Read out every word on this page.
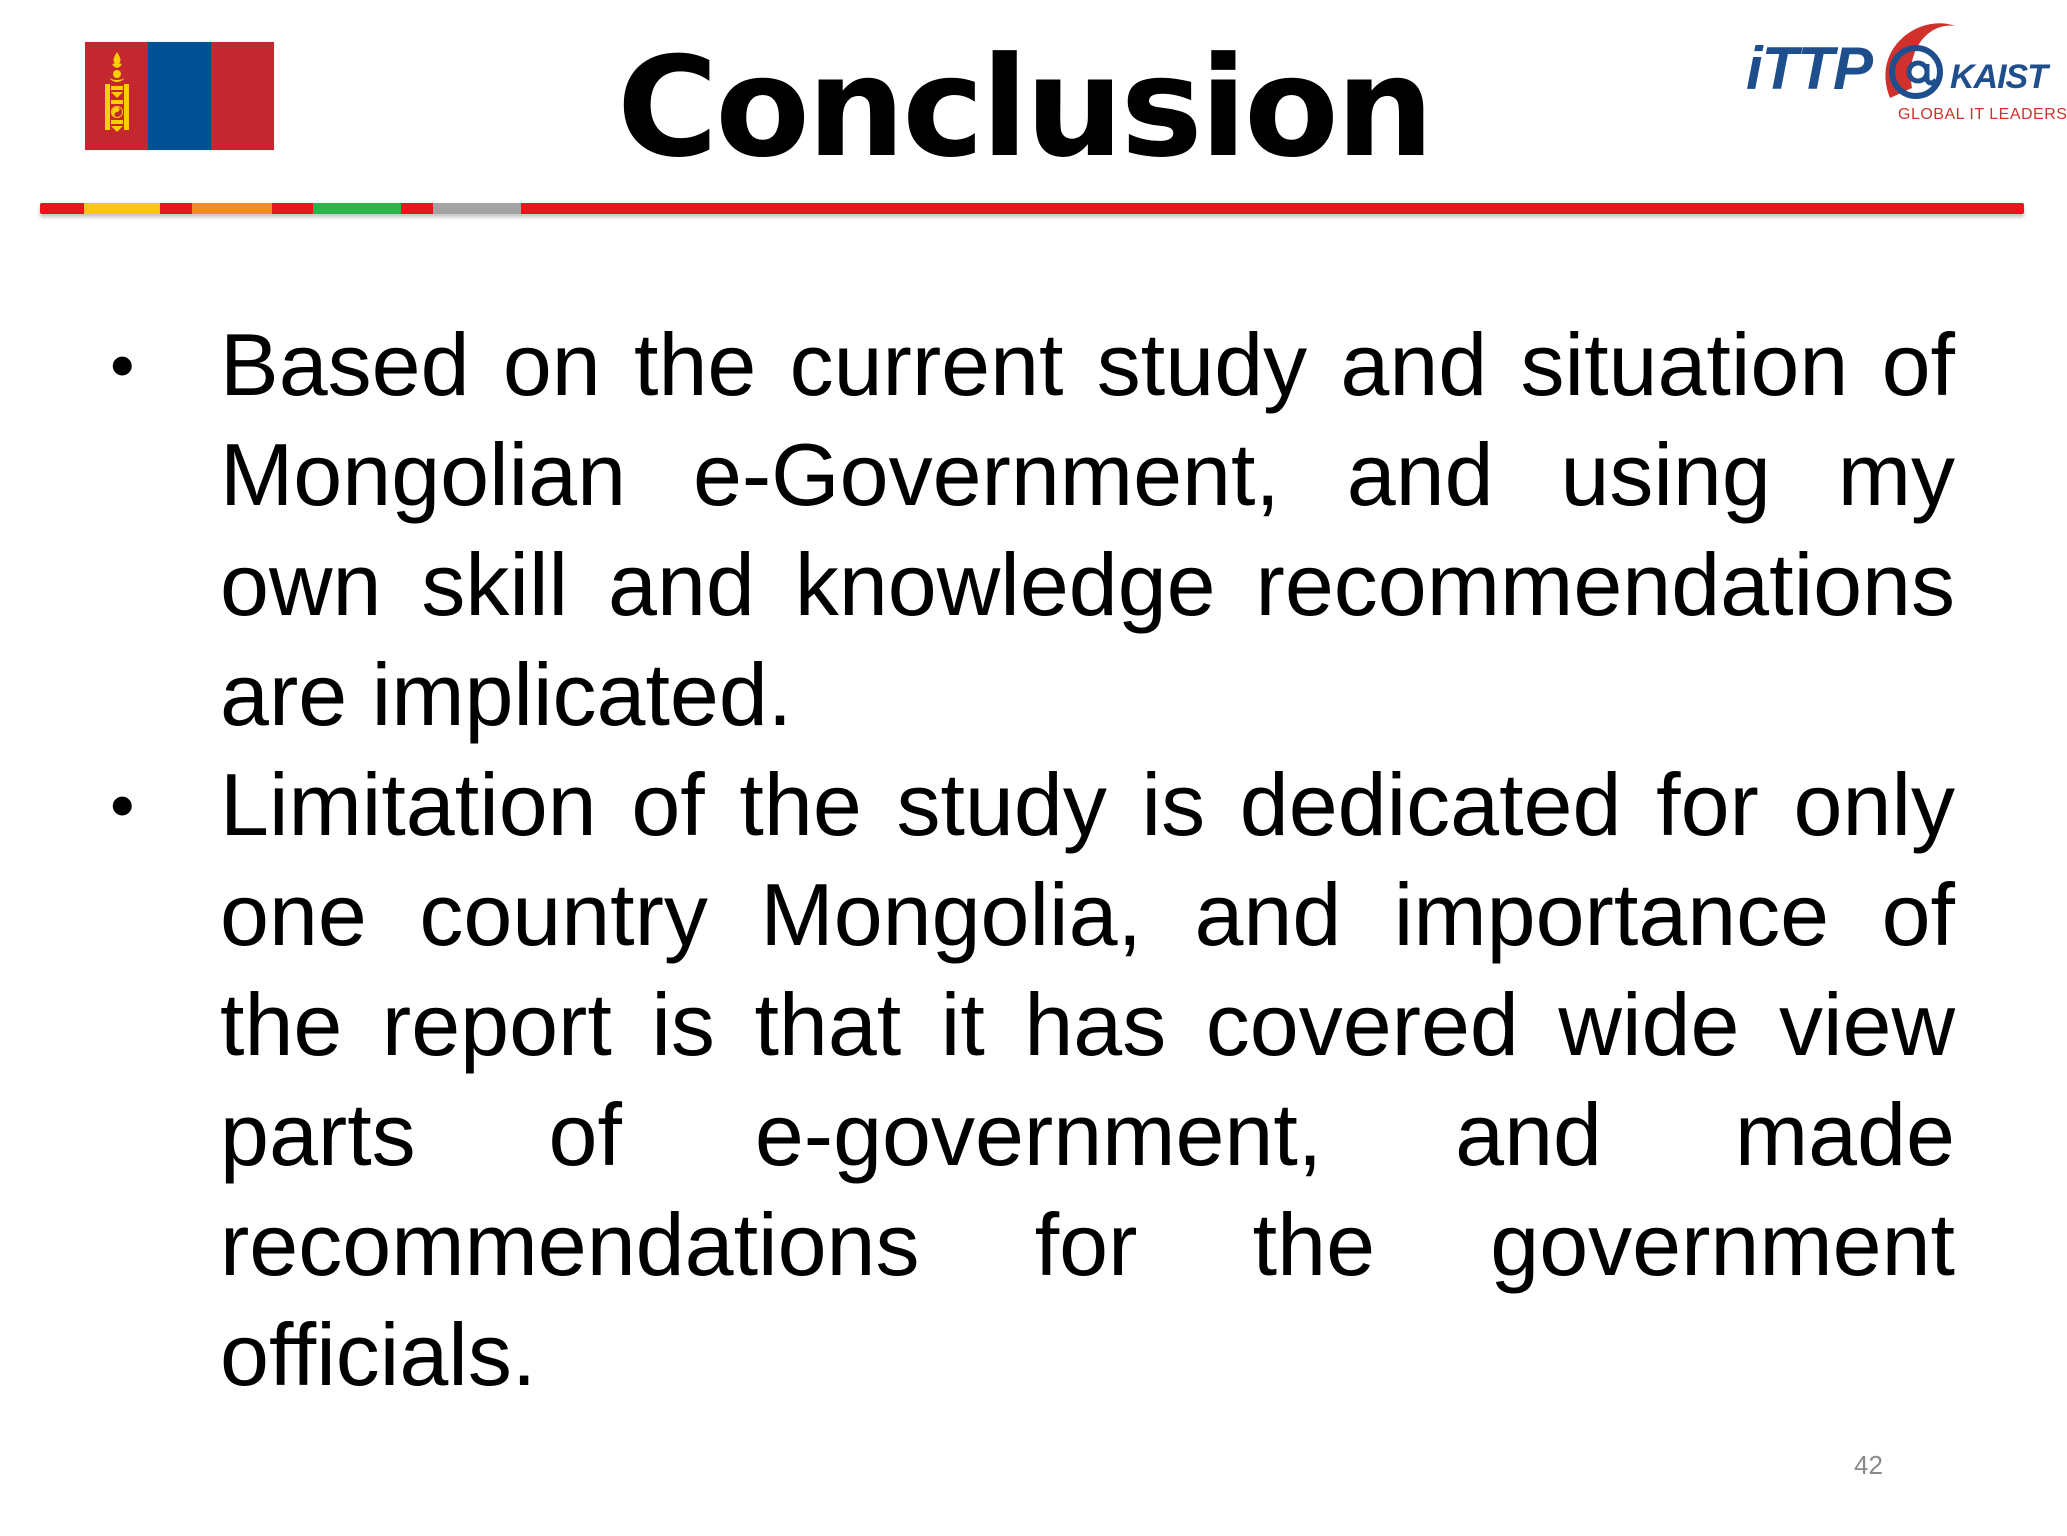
Conclusion	iTTP KAIST
GLOBAL IT LEADERS
• Based on the current study and situation of Mongolian e-Government, and using my own skill and knowledge recommendations are implicated.
• Limitation of the study is dedicated for only one country Mongolia, and importance of the report is that it has covered wide view parts of e-government, and made recommendations for the government officials.
42
